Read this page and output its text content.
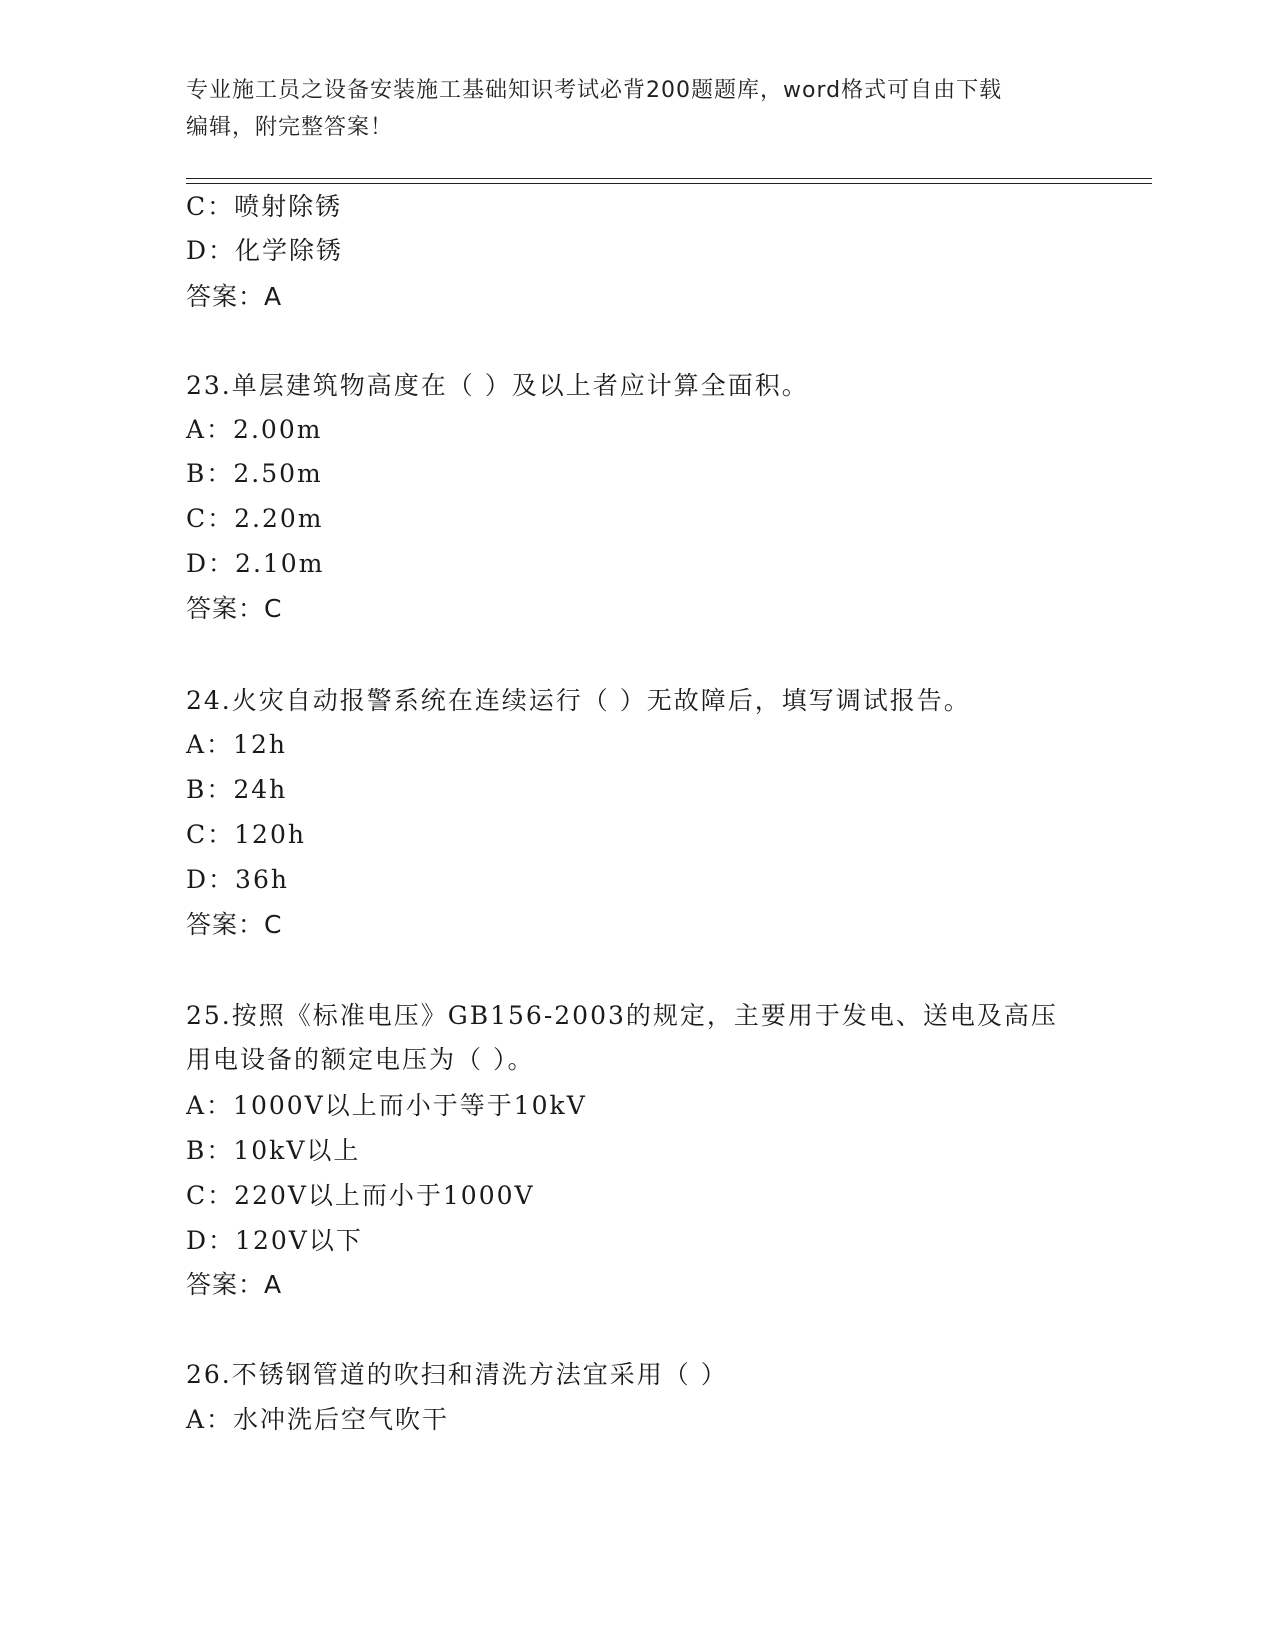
专业施工员之设备安装施工基础知识考试必背200题题库，word格式可自由下载
编辑，附完整答案！
C：喷射除锈
D：化学除锈
答案：A
23.单层建筑物高度在（ ）及以上者应计算全面积。
A：2.00m
B：2.50m
C：2.20m
D：2.10m
答案：C
24.火灾自动报警系统在连续运行（ ）无故障后，填写调试报告。
A：12h
B：24h
C：120h
D：36h
答案：C
25.按照《标准电压》GB156-2003的规定，主要用于发电、送电及高压
用电设备的额定电压为（ ）。
A：1000V以上而小于等于10kV
B：10kV以上
C：220V以上而小于1000V
D：120V以下
答案：A
26.不锈钢管道的吹扫和清洗方法宜采用（ ）
A：水冲洗后空气吹干
